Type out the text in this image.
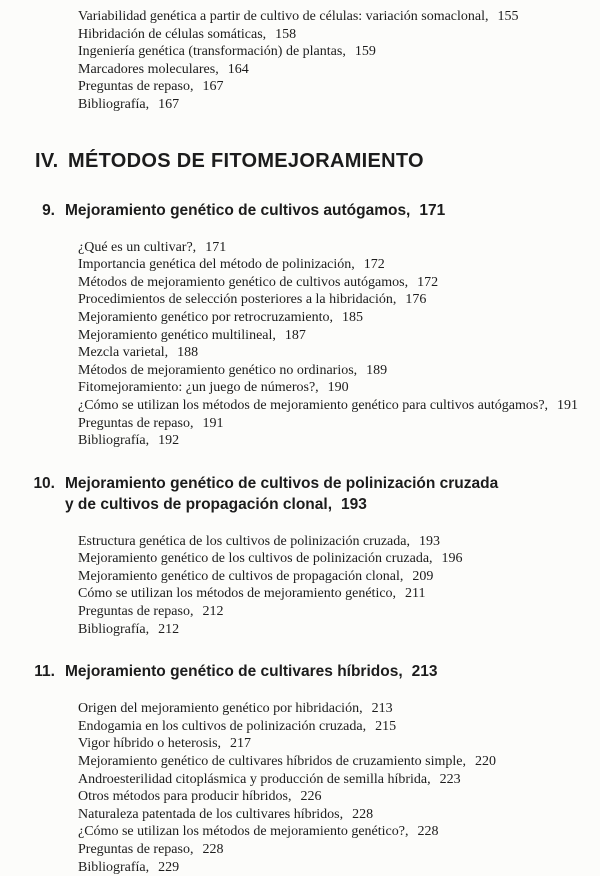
Variabilidad genética a partir de cultivo de células: variación somaclonal, 155
Hibridación de células somáticas, 158
Ingeniería genética (transformación) de plantas, 159
Marcadores moleculares, 164
Preguntas de repaso, 167
Bibliografía, 167
IV. MÉTODOS DE FITOMEJORAMIENTO
9. Mejoramiento genético de cultivos autógamos, 171
¿Qué es un cultivar?, 171
Importancia genética del método de polinización, 172
Métodos de mejoramiento genético de cultivos autógamos, 172
Procedimientos de selección posteriores a la hibridación, 176
Mejoramiento genético por retrocruzamiento, 185
Mejoramiento genético multilineal, 187
Mezcla varietal, 188
Métodos de mejoramiento genético no ordinarios, 189
Fitomejoramiento: ¿un juego de números?, 190
¿Cómo se utilizan los métodos de mejoramiento genético para cultivos autógamos?, 191
Preguntas de repaso, 191
Bibliografía, 192
10. Mejoramiento genético de cultivos de polinización cruzada
y de cultivos de propagación clonal, 193
Estructura genética de los cultivos de polinización cruzada, 193
Mejoramiento genético de los cultivos de polinización cruzada, 196
Mejoramiento genético de cultivos de propagación clonal, 209
Cómo se utilizan los métodos de mejoramiento genético, 211
Preguntas de repaso, 212
Bibliografía, 212
11. Mejoramiento genético de cultivares híbridos, 213
Origen del mejoramiento genético por hibridación, 213
Endogamia en los cultivos de polinización cruzada, 215
Vigor híbrido o heterosis, 217
Mejoramiento genético de cultivares híbridos de cruzamiento simple, 220
Androesterilidad citoplásmica y producción de semilla híbrida, 223
Otros métodos para producir híbridos, 226
Naturaleza patentada de los cultivares híbridos, 228
¿Cómo se utilizan los métodos de mejoramiento genético?, 228
Preguntas de repaso, 228
Bibliografía, 229
